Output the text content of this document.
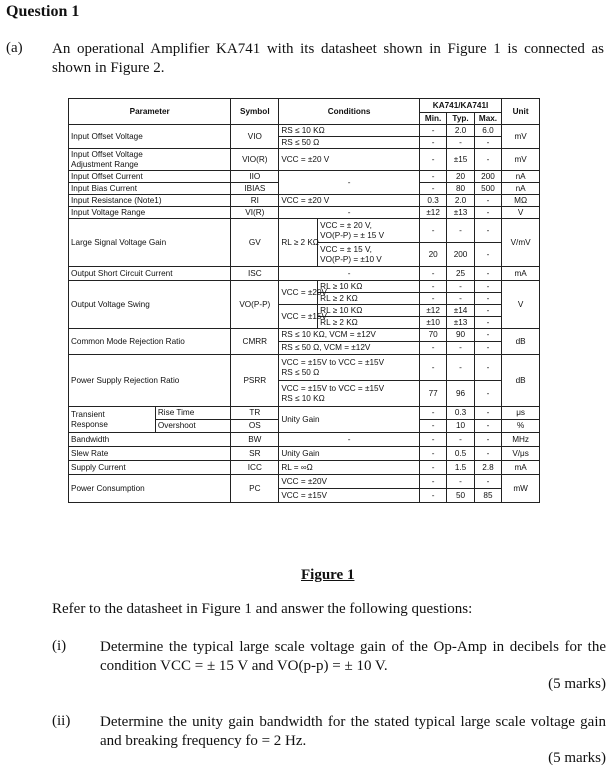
Question 1
(a) An operational Amplifier KA741 with its datasheet shown in Figure 1 is connected as shown in Figure 2.
Parameter		Symbol	Conditions		KA741/KA741I			Unit
					Min.	Typ.	Max.	
Input Offset Voltage		VIO	RS ≤ 10 KΩ		-	2.0	6.0	mV
			RS ≤ 50 Ω		-	-	-	
Input Offset Voltage
Adjustment Range		VIO(R)	VCC = ±20 V		-	±15	-	mV
Input Offset Current		IIO	-		-	20	200	nA
Input Bias Current		IBIAS			-	80	500	nA
Input Resistance (Note1)		RI	VCC = ±20 V		0.3	2.0	-	MΩ
Input Voltage Range		VI(R)	-		±12	±13	-	V
Large Signal Voltage Gain		GV	RL ≥ 2 KΩ	VCC = ± 20 V,
VO(P-P) = ± 15 V	-	-	-	V/mV
				VCC = ± 15 V,
VO(P-P) = ±10 V	20	200	-	
Output Short Circuit Current		ISC	-		-	25	-	mA
Output Voltage Swing		VO(P-P)	VCC = ±20V	RL ≥ 10 KΩ	-	-	-	V
				RL ≥ 2 KΩ	-	-	-	
			VCC = ±15V	RL ≥ 10 KΩ	±12	±14	-	
				RL ≥ 2 KΩ	±10	±13	-	
Common Mode Rejection Ratio		CMRR	RS ≤ 10 KΩ, VCM = ±12V		70	90	-	dB
			RS ≤ 50 Ω, VCM = ±12V		-	-	-	
Power Supply Rejection Ratio		PSRR	VCC = ±15V to VCC = ±15V
RS ≤ 50 Ω		-	-	-	dB
			VCC = ±15V to VCC = ±15V
RS ≤ 10 KΩ		77	96	-	
Transient
Response	Rise Time	TR	Unity Gain		-	0.3	-	μs
	Overshoot	OS			-	10	-	%
Bandwidth		BW	-		-	-	-	MHz
Slew Rate		SR	Unity Gain		-	0.5	-	V/μs
Supply Current		ICC	RL = ∞Ω		-	1.5	2.8	mA
Power Consumption		PC	VCC = ±20V		-	-	-	mW
			VCC = ±15V		-	50	85	
Figure 1
Refer to the datasheet in Figure 1 and answer the following questions:
(i) Determine the typical large scale voltage gain of the Op-Amp in decibels for the condition VCC = ± 15 V and VO(p-p) = ± 10 V.
(5 marks)
(ii) Determine the unity gain bandwidth for the stated typical large scale voltage gain and breaking frequency fo = 2 Hz.
(5 marks)
